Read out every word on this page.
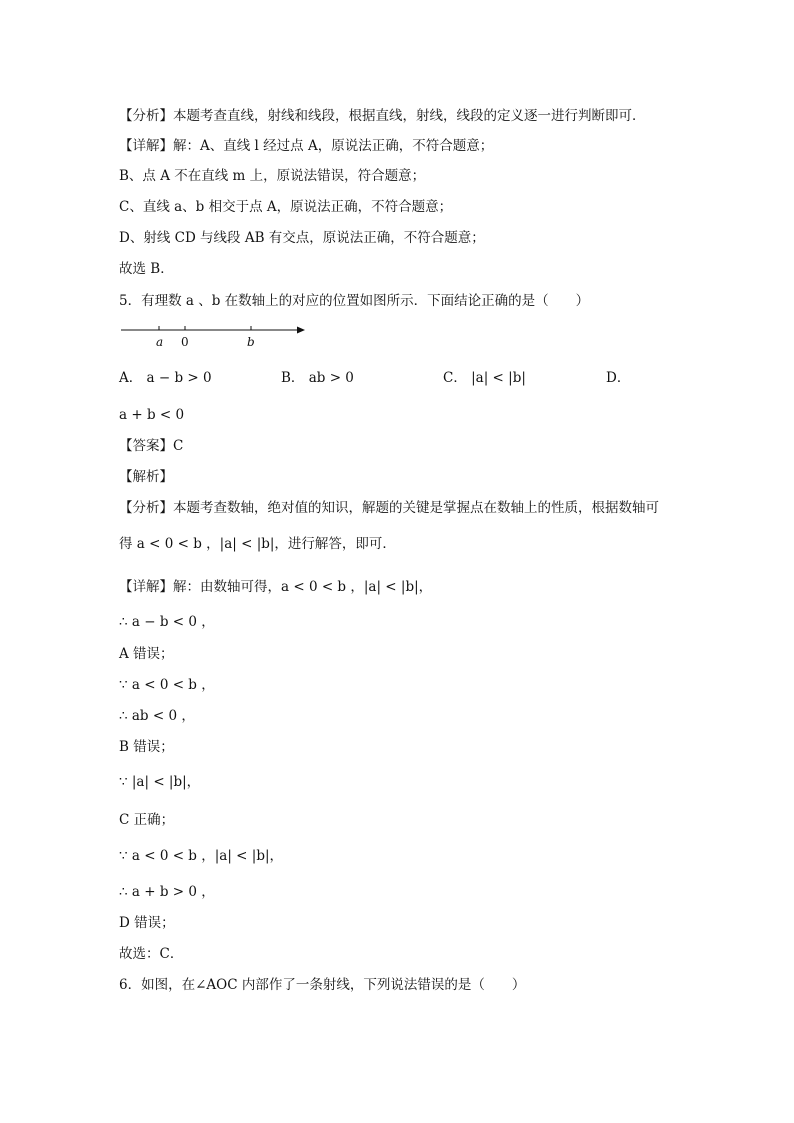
【分析】本题考查直线，射线和线段，根据直线，射线，线段的定义逐一进行判断即可．
【详解】解：A、直线 l 经过点 A，原说法正确，不符合题意；
B、点 A 不在直线 m 上，原说法错误，符合题意；
C、直线 a、b 相交于点 A，原说法正确，不符合题意；
D、射线 CD 与线段 AB 有交点，原说法正确，不符合题意；
故选 B．
5．有理数 a 、b 在数轴上的对应的位置如图所示．下面结论正确的是（　　）
a 0	b
A． a − b > 0	B． ab > 0	C． |a| < |b|	D．
a + b < 0
【答案】C
【解析】
【分析】本题考查数轴，绝对值的知识，解题的关键是掌握点在数轴上的性质，根据数轴可
得 a < 0 < b ，|a| < |b|，进行解答，即可．
【详解】解：由数轴可得，a < 0 < b ，|a| < |b|，
∴ a − b < 0 ，
A 错误；
∵ a < 0 < b ，
∴ ab < 0 ，
B 错误；
∵ |a| < |b|，
C 正确；
∵ a < 0 < b ，|a| < |b|，
∴ a + b > 0 ，
D 错误；
故选：C．
6．如图，在∠AOC 内部作了一条射线，下列说法错误的是（　　）
